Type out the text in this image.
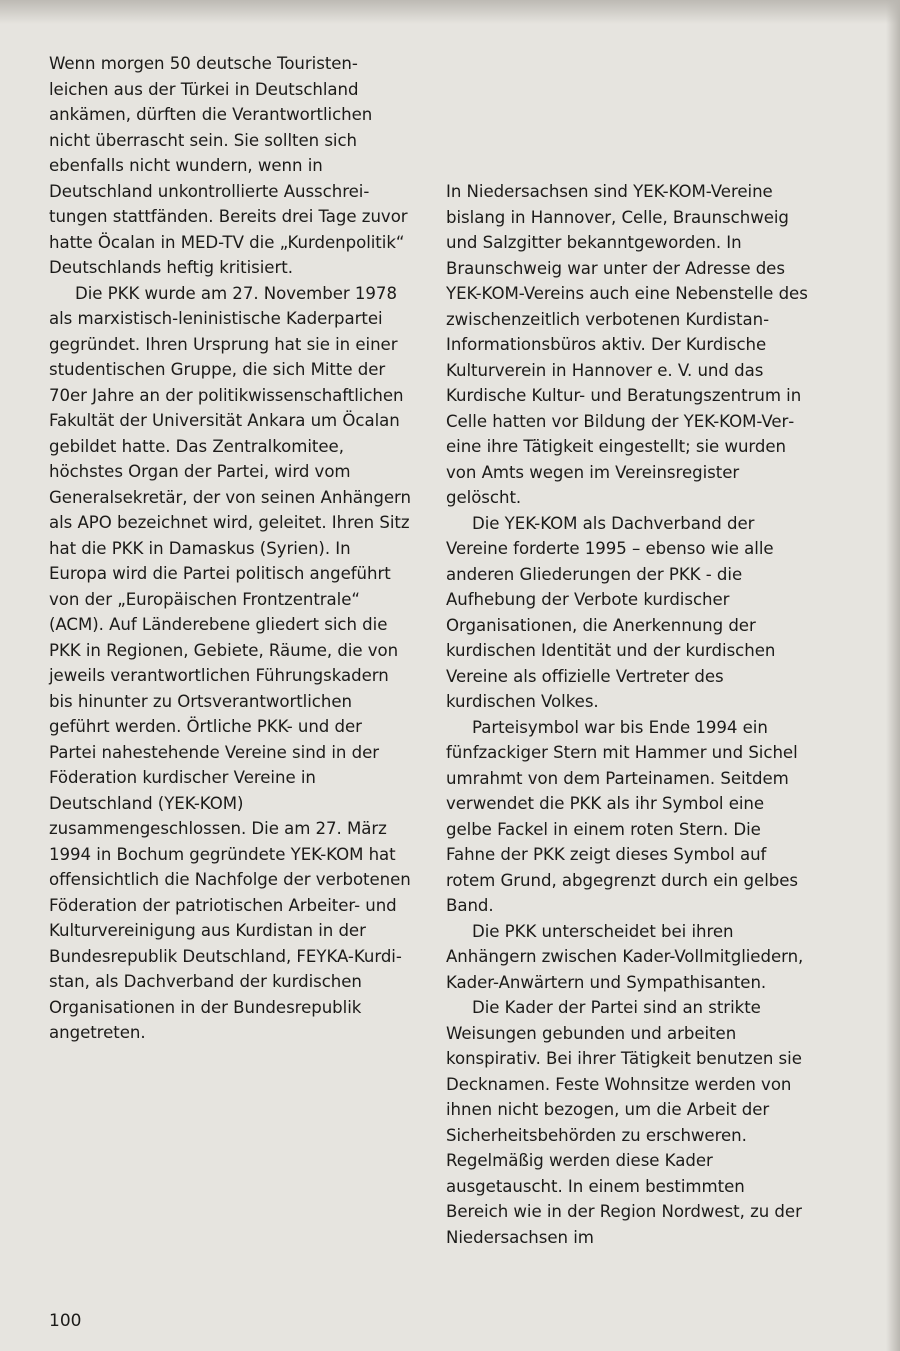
Wenn morgen 50 deutsche Touristenleichen aus der Türkei in Deutschland ankämen, dürften die Verantwortlichen nicht überrascht sein. Sie sollten sich ebenfalls nicht wundern, wenn in Deutschland unkontrollierte Ausschreitungen stattfänden. Bereits drei Tage zuvor hatte Öcalan in MED-TV die „Kurdenpolitik“ Deutschlands heftig kritisiert.

Die PKK wurde am 27. November 1978 als marxistisch-leninistische Kaderpartei gegründet. Ihren Ursprung hat sie in einer studentischen Gruppe, die sich Mitte der 70er Jahre an der politikwissenschaftlichen Fakultät der Universität Ankara um Öcalan gebildet hatte. Das Zentralkomitee, höchstes Organ der Partei, wird vom Generalsekretär, der von seinen Anhängern als APO bezeichnet wird, geleitet. Ihren Sitz hat die PKK in Damaskus (Syrien). In Europa wird die Partei politisch angeführt von der „Europäischen Frontzentrale“ (ACM). Auf Länderebene gliedert sich die PKK in Regionen, Gebiete, Räume, die von jeweils verantwortlichen Führungskadern bis hinunter zu Ortsverantwortlichen geführt werden. Örtliche PKK- und der Partei nahestehende Vereine sind in der Föderation kurdischer Vereine in Deutschland (YEK-KOM) zusammengeschlossen. Die am 27. März 1994 in Bochum gegründete YEK-KOM hat offensichtlich die Nachfolge der verbotenen Föderation der patriotischen Arbeiter- und Kulturvereinigung aus Kurdistan in der Bundesrepublik Deutschland, FEYKA-Kurdistan, als Dachverband der kurdischen Organisationen in der Bundesrepublik angetreten.

In Niedersachsen sind YEK-KOM-Vereine bislang in Hannover, Celle, Braunschweig und Salzgitter bekanntgeworden. In Braunschweig war unter der Adresse des YEK-KOM-Vereins auch eine Nebenstelle des zwischenzeitlich verbotenen Kurdistan-Informationsbüros aktiv. Der Kurdische Kulturverein in Hannover e. V. und das Kurdische Kultur- und Beratungszentrum in Celle hatten vor Bildung der YEK-KOM-Vereine ihre Tätigkeit eingestellt; sie wurden von Amts wegen im Vereinsregister gelöscht.

Die YEK-KOM als Dachverband der Vereine forderte 1995 – ebenso wie alle anderen Gliederungen der PKK - die Aufhebung der Verbote kurdischer Organisationen, die Anerkennung der kurdischen Identität und der kurdischen Vereine als offizielle Vertreter des kurdischen Volkes.

Parteisymbol war bis Ende 1994 ein fünfzackiger Stern mit Hammer und Sichel umrahmt von dem Parteinamen. Seitdem verwendet die PKK als ihr Symbol eine gelbe Fackel in einem roten Stern. Die Fahne der PKK zeigt dieses Symbol auf rotem Grund, abgegrenzt durch ein gelbes Band.

Die PKK unterscheidet bei ihren Anhängern zwischen Kader-Vollmitgliedern, Kader-Anwärtern und Sympathisanten.

Die Kader der Partei sind an strikte Weisungen gebunden und arbeiten konspirativ. Bei ihrer Tätigkeit benutzen sie Decknamen. Feste Wohnsitze werden von ihnen nicht bezogen, um die Arbeit der Sicherheitsbehörden zu erschweren. Regelmäßig werden diese Kader ausgetauscht. In einem bestimmten Bereich wie in der Region Nordwest, zu der Niedersachsen im

100
